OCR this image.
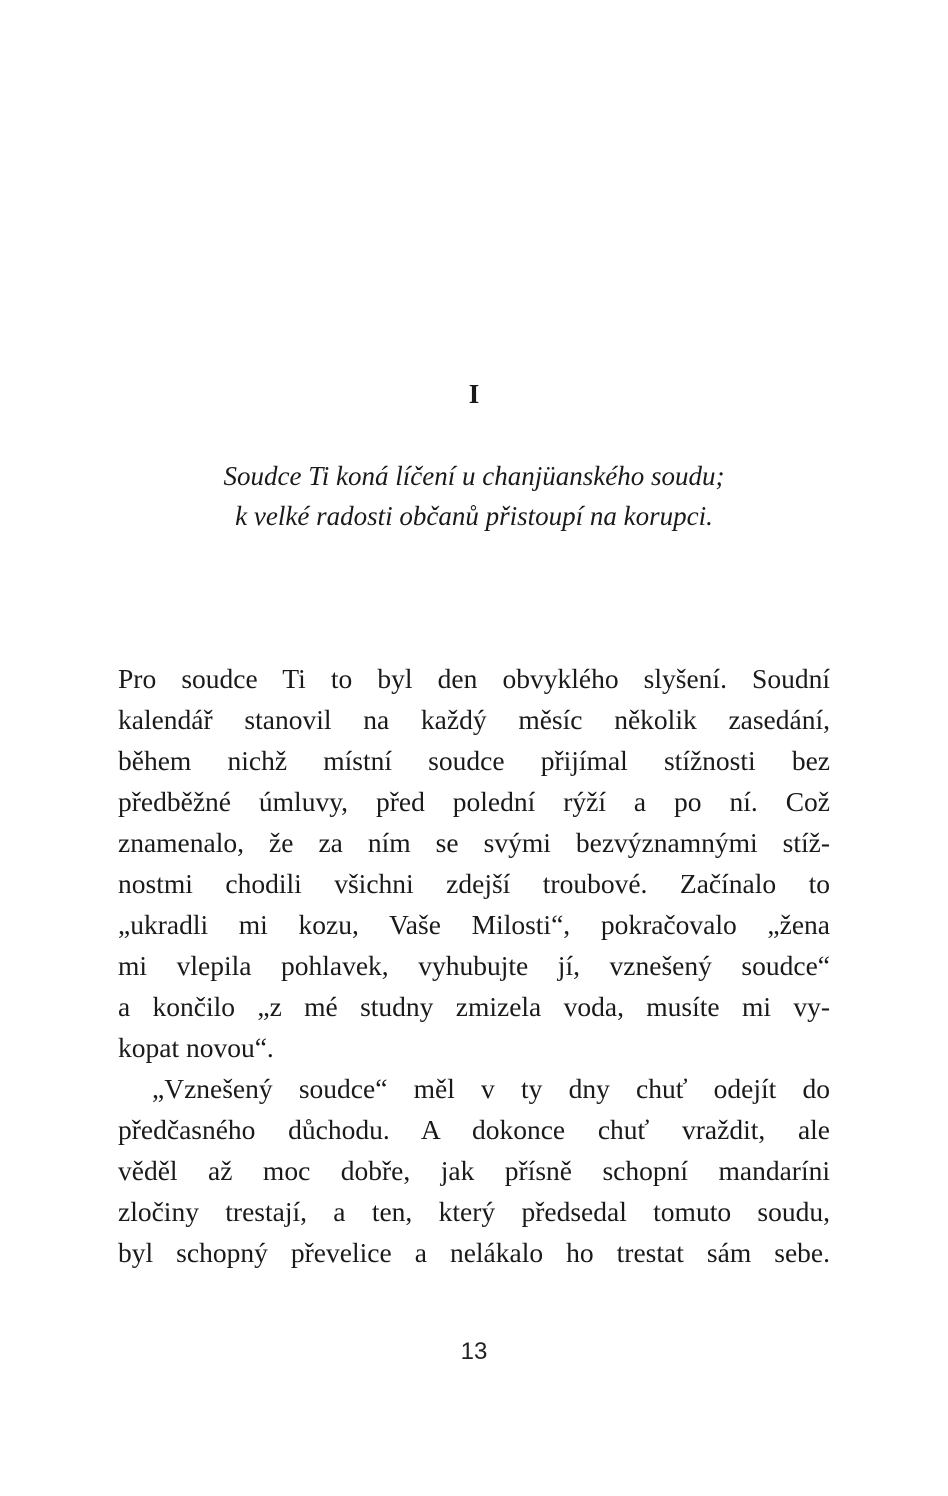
I
Soudce Ti koná líčení u chanjüanského soudu;
k velké radosti občanů přistoupí na korupci.
Pro soudce Ti to byl den obvyklého slyšení. Soudní
kalendář stanovil na každý měsíc několik zasedání,
během nichž místní soudce přijímal stížnosti bez
předběžné úmluvy, před polední rýží a po ní. Což
znamenalo, že za ním se svými bezvýznamnými stíž-
nostmi chodili všichni zdejší troubové. Začínalo to
„ukradli mi kozu, Vaše Milosti“, pokračovalo „žena
mi vlepila pohlavek, vyhubujte jí, vznešený soudce“
a končilo „z mé studny zmizela voda, musíte mi vy-
kopat novou“.
„Vznešený soudce“ měl v ty dny chuť odejít do
předčasného důchodu. A dokonce chuť vraždit, ale
věděl až moc dobře, jak přísně schopní mandaríni
zločiny trestají, a ten, který předsedal tomuto soudu,
byl schopný převelice a nelákalo ho trestat sám sebe.
13
